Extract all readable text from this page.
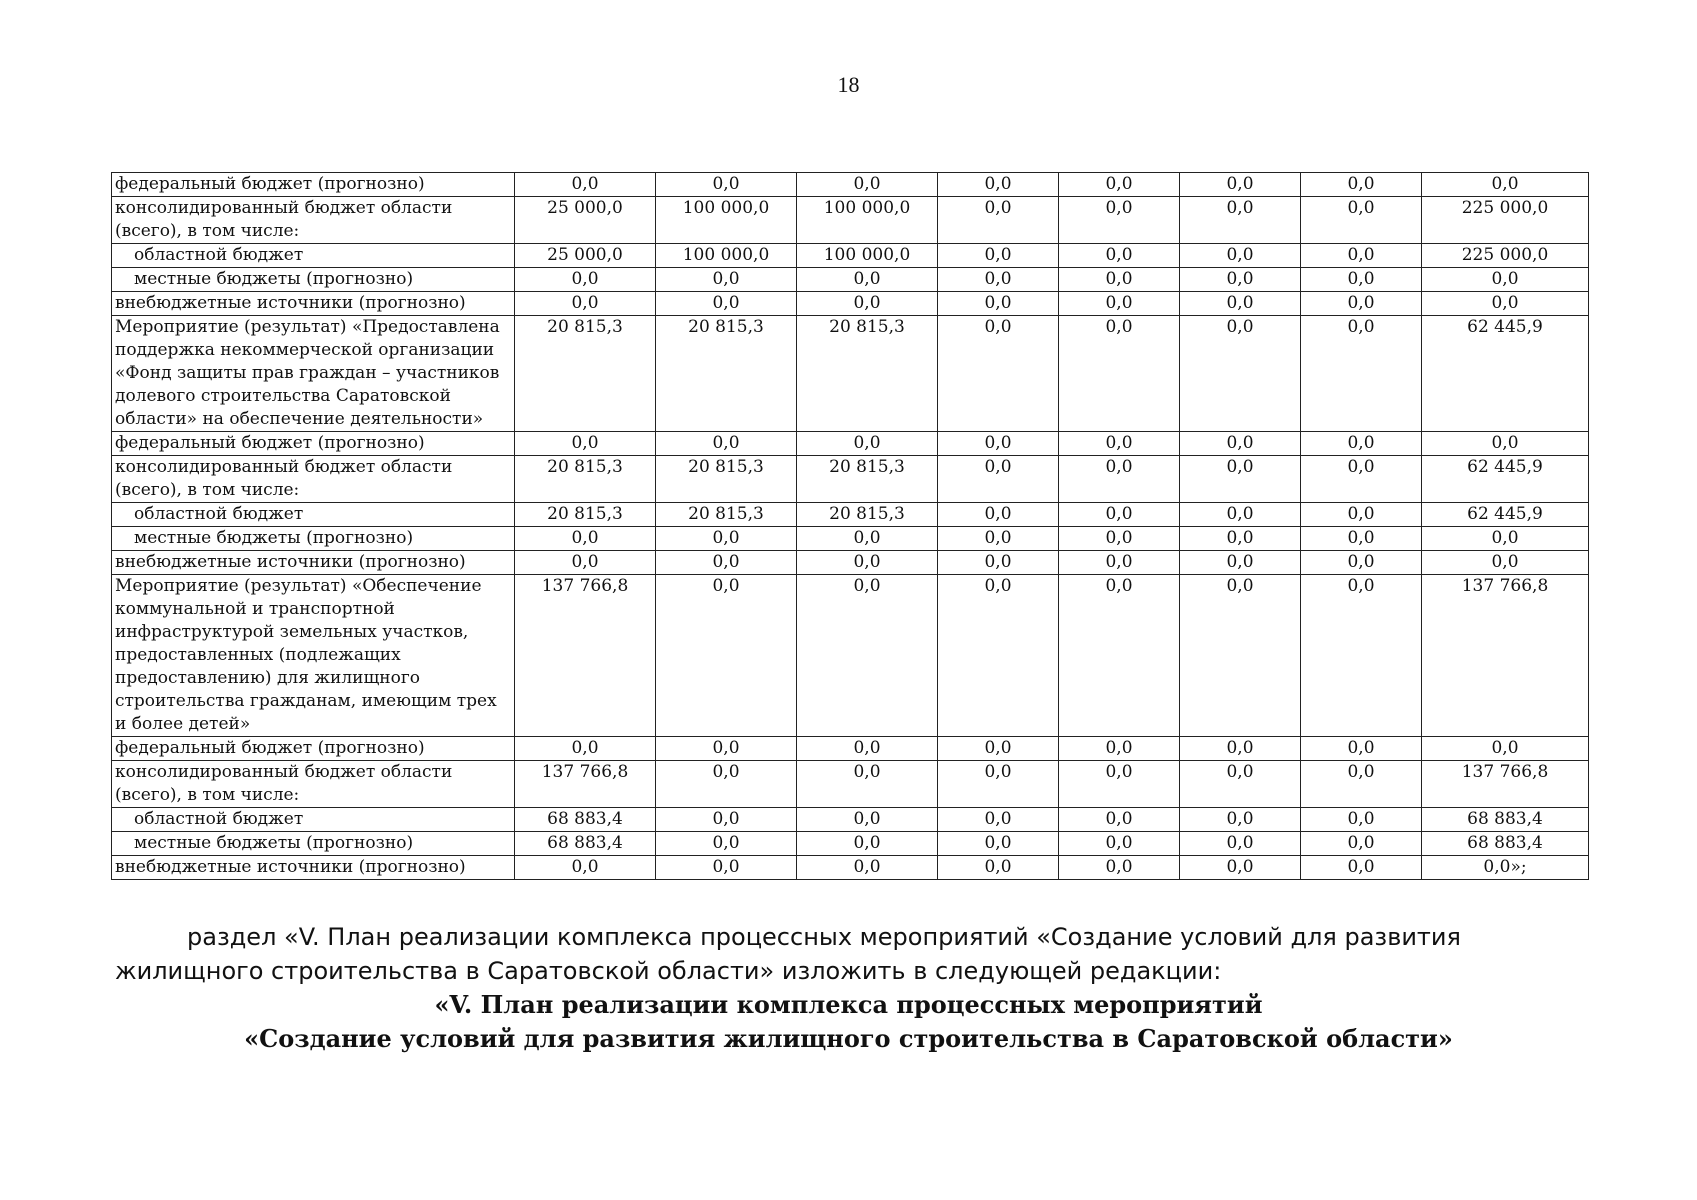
18
федеральный бюджет (прогнозно)	0,0	0,0	0,0	0,0	0,0	0,0	0,0	0,0
консолидированный бюджет области (всего), в том числе:	25 000,0	100 000,0	100 000,0	0,0	0,0	0,0	0,0	225 000,0
областной бюджет	25 000,0	100 000,0	100 000,0	0,0	0,0	0,0	0,0	225 000,0
местные бюджеты (прогнозно)	0,0	0,0	0,0	0,0	0,0	0,0	0,0	0,0
внебюджетные источники (прогнозно)	0,0	0,0	0,0	0,0	0,0	0,0	0,0	0,0
Мероприятие (результат) «Предоставлена поддержка некоммерческой организации «Фонд защиты прав граждан – участников долевого строительства Саратовской области» на обеспечение деятельности»	20 815,3	20 815,3	20 815,3	0,0	0,0	0,0	0,0	62 445,9
федеральный бюджет (прогнозно)	0,0	0,0	0,0	0,0	0,0	0,0	0,0	0,0
консолидированный бюджет области (всего), в том числе:	20 815,3	20 815,3	20 815,3	0,0	0,0	0,0	0,0	62 445,9
областной бюджет	20 815,3	20 815,3	20 815,3	0,0	0,0	0,0	0,0	62 445,9
местные бюджеты (прогнозно)	0,0	0,0	0,0	0,0	0,0	0,0	0,0	0,0
внебюджетные источники (прогнозно)	0,0	0,0	0,0	0,0	0,0	0,0	0,0	0,0
Мероприятие (результат) «Обеспечение коммунальной и транспортной инфраструктурой земельных участков, предоставленных (подлежащих предоставлению) для жилищного строительства гражданам, имеющим трех и более детей»	137 766,8	0,0	0,0	0,0	0,0	0,0	0,0	137 766,8
федеральный бюджет (прогнозно)	0,0	0,0	0,0	0,0	0,0	0,0	0,0	0,0
консолидированный бюджет области (всего), в том числе:	137 766,8	0,0	0,0	0,0	0,0	0,0	0,0	137 766,8
областной бюджет	68 883,4	0,0	0,0	0,0	0,0	0,0	0,0	68 883,4
местные бюджеты (прогнозно)	68 883,4	0,0	0,0	0,0	0,0	0,0	0,0	68 883,4
внебюджетные источники (прогнозно)	0,0	0,0	0,0	0,0	0,0	0,0	0,0	0,0»;
раздел «V. План реализации комплекса процессных мероприятий «Создание условий для развития жилищного строительства в Саратовской области» изложить в следующей редакции:
«V. План реализации комплекса процессных мероприятий
«Создание условий для развития жилищного строительства в Саратовской области»
